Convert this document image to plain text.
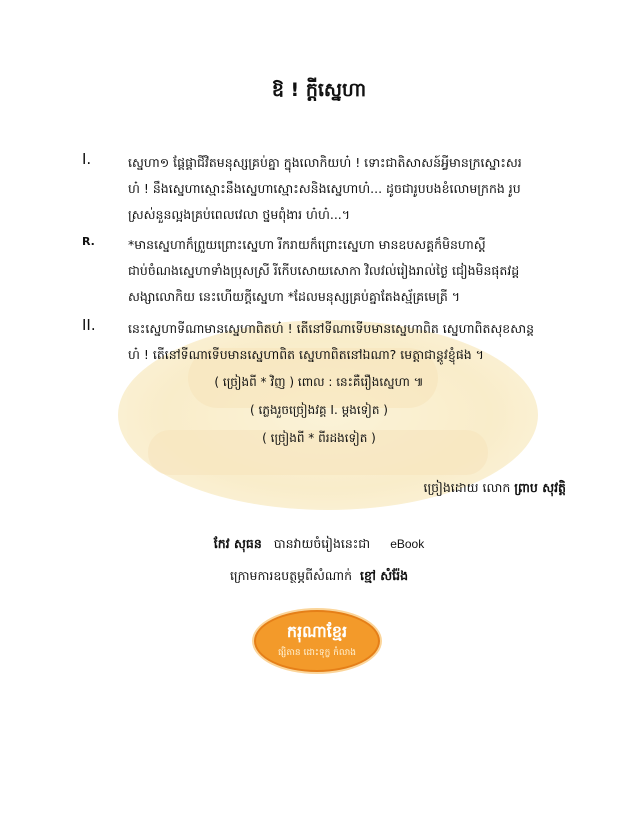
ឱ ! ក្តីស្នេហា
I.	ស្នេហា១ ផ្តែផ្តាជីវិតមនុស្សគ្រប់គ្នា ក្នុងលោកិយហ៎ ! ទោះជាតិសាសន៍អ្វីមានក្រស្នោះសរ
ហ៎ ! នឹងស្នេហាស្មោះនឹងស្នេហាស្មោះសនិងស្នេហាហ៎... ដូចជារូបបងខំលោមក្រកង រូប
ស្រស់នួនល្អងគ្រប់ពេលវេលា ថ្នមពុំងារ ហ៎ហ៎...។
R.	*មានស្នេហាក៏ព្រួយព្រោះស្នេហា រីករាយក៏ព្រោះស្នេហា មានឧបសគ្គក៏មិនហាស្តី
ជាប់ចំណងស្នេហាទាំងប្រុសស្រី រីកើបសោយសោកា វិលវល់រៀងរាល់ថ្ងៃ ជៀងមិនផុតវដ្ត
សង្សាលោកិយ នេះហើយក្តីស្នេហា *ដែលមនុស្សគ្រប់គ្នាតែងស្ម័គ្រមេត្រី ។
II.	នេះស្នេហាទីណាមានស្នេហាពិតហ៎ ! តើនៅទីណាទើបមានស្នេហាពិត ស្នេហាពិតសុខសាន្ត
ហ៎ ! តើនៅទីណាទើបមានស្នេហាពិត ស្នេហាពិតនៅឯណា? មេត្តាជាន្តូវខ្ញុំផង ។
( ច្រៀងពី * វិញ ) ពោល : នេះគឺរឿងស្នេហា ៕
( ភ្លេងរួចច្រៀងវគ្គ I. ម្តងទៀត )
( ច្រៀងពី * ពីរដងទៀត )
ច្រៀងដោយ លោក ព្រាប សុវត្តិ
កែវ សុធន បានវាយចំរៀងនេះជា eBook
ក្រោមការឧបត្ថម្ភពីសំណាក់ ខ្មៅ សំរ៉ែង
ករុណាខ្មែរ
ផ្សិតាន ដោះទុក្ខ កំលាង
